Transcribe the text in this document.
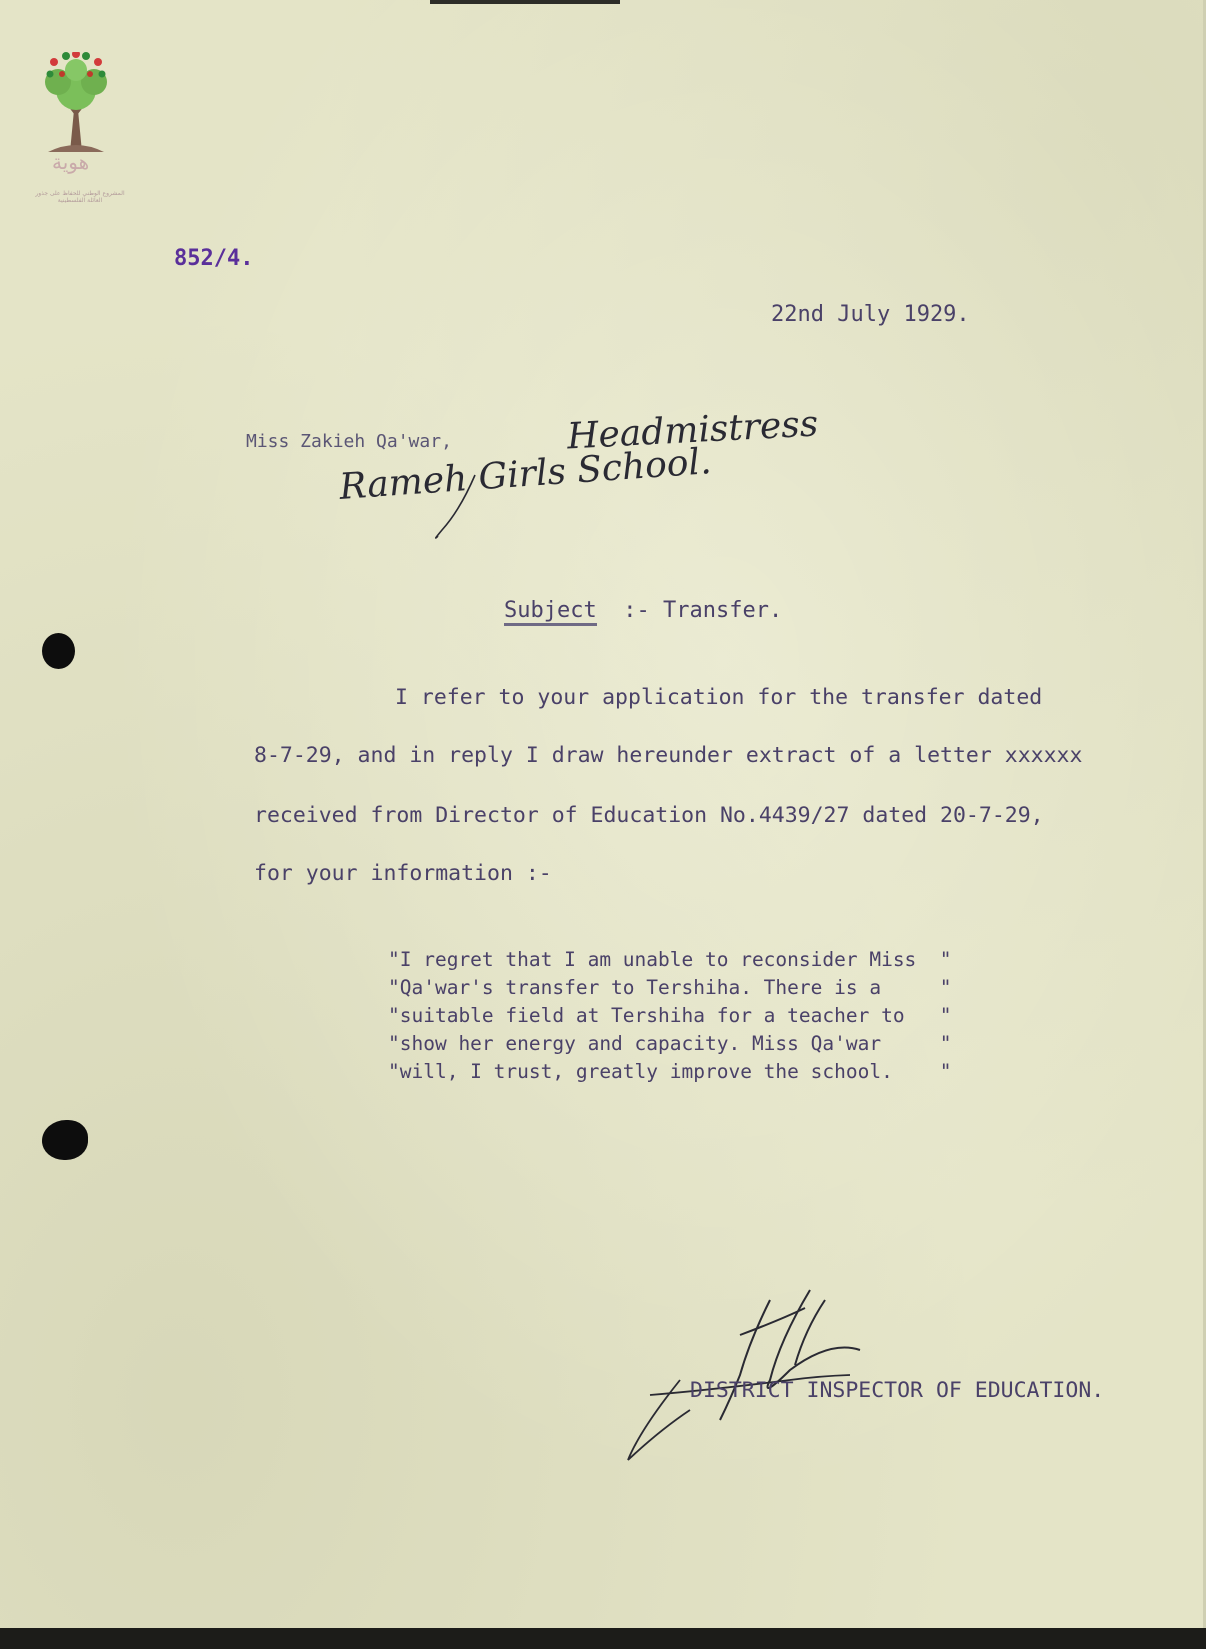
هوية
المشروع الوطني للحفاظ على جذور العائلة الفلسطينية
852/4.
22nd July 1929.
Miss Zakieh Qa'war,	Headmistress
Rameh Girls School.
Subject :- Transfer.
I refer to your application for the transfer dated
8-7-29, and in reply I draw hereunder extract of a letter xxxxxx
received from Director of Education No.4439/27 dated 20-7-29,
for your information :-
"I regret that I am unable to reconsider Miss  "
"Qa'war's transfer to Tershiha. There is a     "
"suitable field at Tershiha for a teacher to   "
"show her energy and capacity. Miss Qa'war     "
"will, I trust, greatly improve the school.    "
DISTRICT INSPECTOR OF EDUCATION.
